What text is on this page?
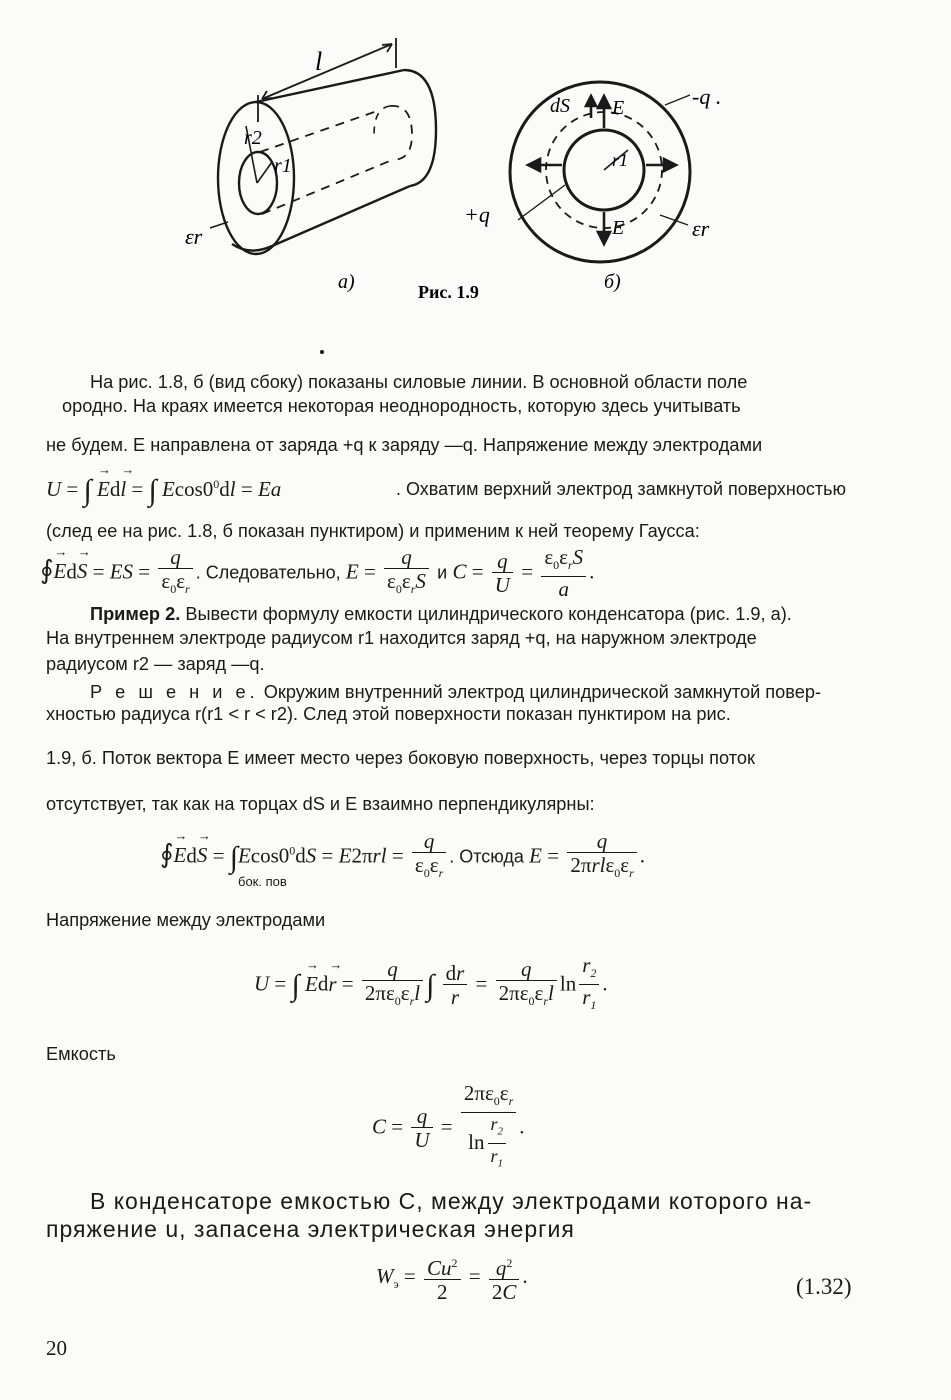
l
r2
r1
εr
dS E
E
-q .
+q
r1
εr
а)	Рис. 1.9	б)
На рис. 1.8, б (вид сбоку) показаны силовые линии. В основной области поле
ородно. На краях имеется некоторая неоднородность, которую здесь учитывать
не будем. E направлена от заряда +q к заряду —q. Напряжение между электродами
U = ∫ → Ed→ l = ∫ $Ecos0^0dl = Ea$	. Охватим верхний электрод замкнутой поверхностью
(след ее на рис. 1.8, б показан пунктиром) и применим к ней теорему Гаусса:
∮→ Ed→ S = ES = $\frac{q}{\varepsilon_0\varepsilon_r}$ . Следовательно, $E = \frac{q}{\varepsilon_0\varepsilon_rS}$ и $C = \frac{q}{U} = \frac{\varepsilon_0\varepsilon_rS}{a}$ .
Пример 2. Вывести формулу емкости цилиндрического конденсатора (рис. 1.9, а).
На внутреннем электроде радиусом r1 находится заряд +q, на наружном электроде
радиусом r2 — заряд —q.
Р е ш е н и е. Окружим внутренний электрод цилиндрической замкнутой повер-
хностью радиуса r(r1 < r < r2). След этой поверхности показан пунктиром на рис.
1.9, б. Поток вектора E имеет место через боковую поверхность, через торцы поток
отсутствует, так как на торцах dS и E взаимно перпендикулярны:
∮→ $Ed\to S = \int Ecos0^0dS = E2\pi rl = \frac{q}{\varepsilon_0\varepsilon_r}$ . Отсюда $E = \frac{q}{2\pi rl\varepsilon_0\varepsilon_r}$ .
бок. пов
Напряжение между электродами
U = ∫ → $Ed\to r = \frac{q}{2\pi\varepsilon_0\varepsilon_rl}$ ∫ $\frac{dr}{r} = \frac{q}{2\pi\varepsilon_0\varepsilon_rl}$ $\ln \frac{r_2}{r_1}$ .
Емкость
$C = \frac{q}{U} = \frac{2\pi\varepsilon_0\varepsilon_r}{\ln \frac{r_2}{r_1}}$ .
В конденсаторе емкостью C, между электродами которого на-
пряжение u, запасена электрическая энергия
$W_э = \frac{Cu^2}{2} = \frac{q^2}{2C}$ .	(1.32)
20
